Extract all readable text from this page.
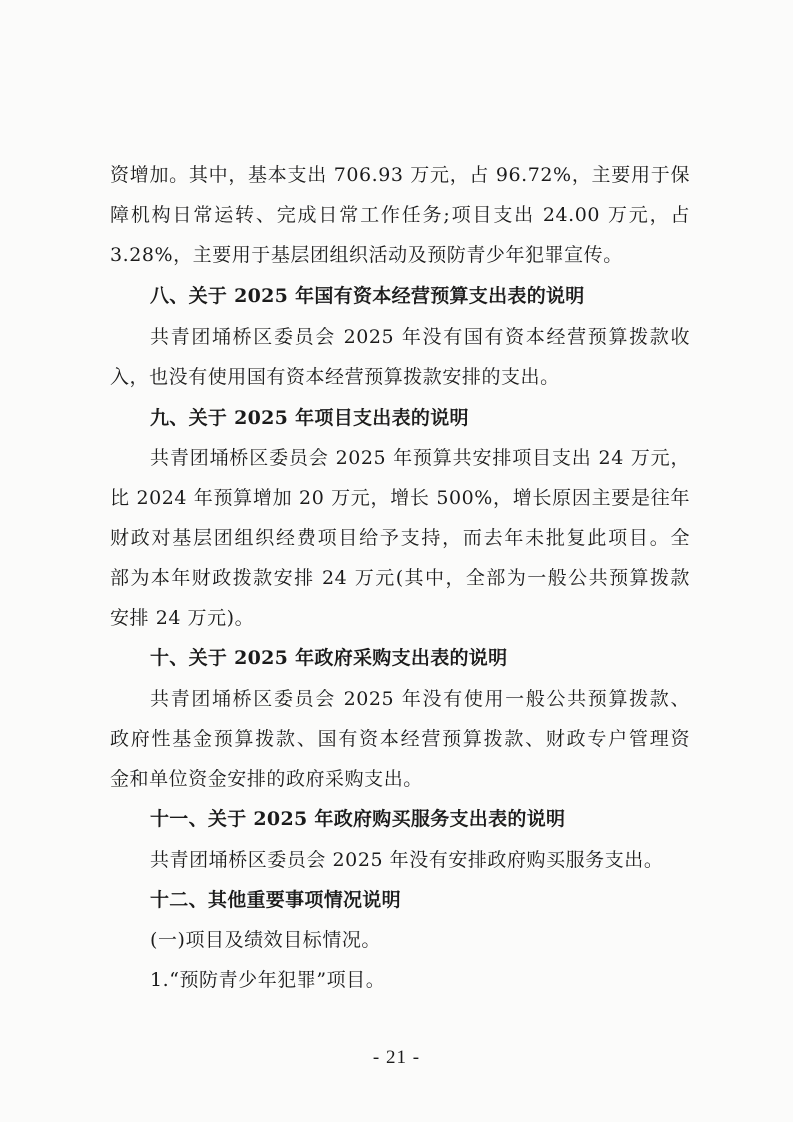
资增加。其中，基本支出 706.93 万元，占 96.72%，主要用于保
障机构日常运转、完成日常工作任务;项目支出 24.00 万元，占
3.28%，主要用于基层团组织活动及预防青少年犯罪宣传。
八、关于 2025 年国有资本经营预算支出表的说明
共青团埇桥区委员会 2025 年没有国有资本经营预算拨款收
入，也没有使用国有资本经营预算拨款安排的支出。
九、关于 2025 年项目支出表的说明
共青团埇桥区委员会 2025 年预算共安排项目支出 24 万元，
比 2024 年预算增加 20 万元，增长 500%，增长原因主要是往年
财政对基层团组织经费项目给予支持，而去年未批复此项目。全
部为本年财政拨款安排 24 万元(其中，全部为一般公共预算拨款
安排 24 万元)。
十、关于 2025 年政府采购支出表的说明
共青团埇桥区委员会 2025 年没有使用一般公共预算拨款、
政府性基金预算拨款、国有资本经营预算拨款、财政专户管理资
金和单位资金安排的政府采购支出。
十一、关于 2025 年政府购买服务支出表的说明
共青团埇桥区委员会 2025 年没有安排政府购买服务支出。
十二、其他重要事项情况说明
(一)项目及绩效目标情况。
1.“预防青少年犯罪”项目。
- 21 -
